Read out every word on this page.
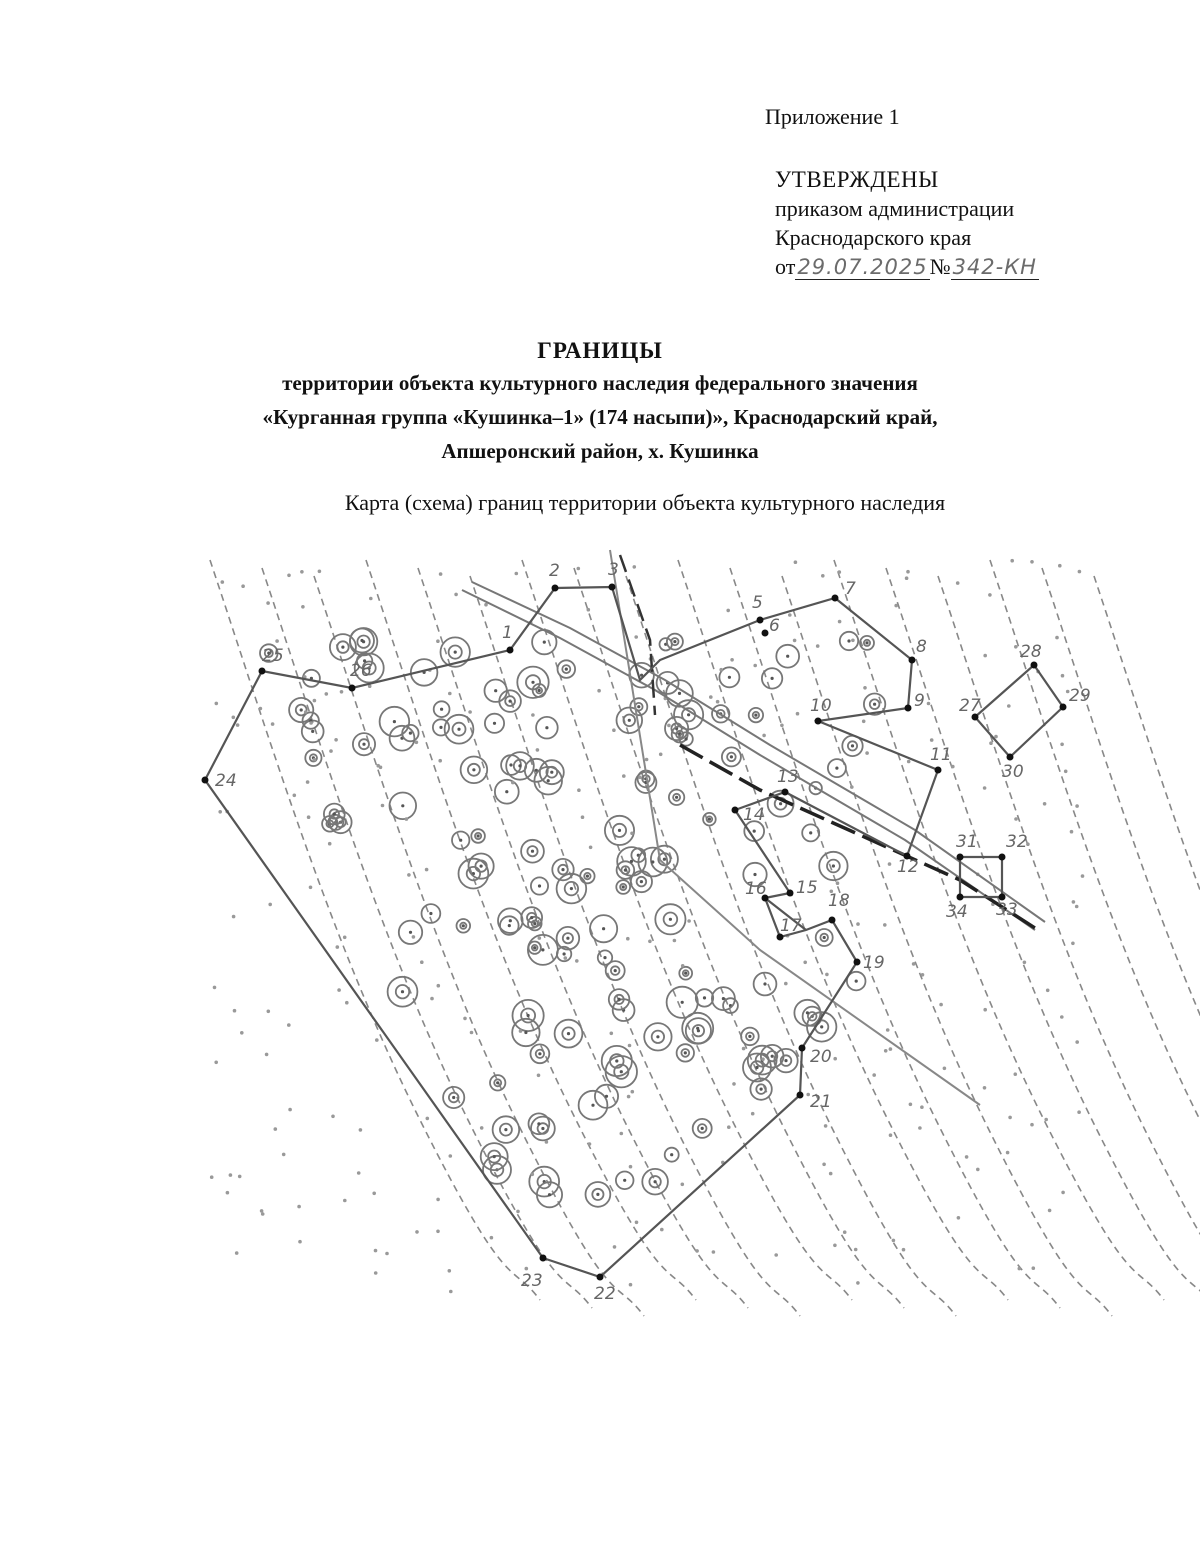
Приложение 1
УТВЕРЖДЕНЫ
приказом администрации
Краснодарского края
от29.07.2025№342-КН
ГРАНИЦЫ
территории объекта культурного наследия федерального значения
«Курганная группа «Кушинка–1» (174 насыпи)», Краснодарский край,
Апшеронский район, х. Кушинка
Карта (схема) границ территории объекта культурного наследия
1
2	3
5
6
7
8
9
10
11
12
13
14
15
16
17
18
19
20
21
22
23
24
25
26
27
28
29
30
31 32
33
34
